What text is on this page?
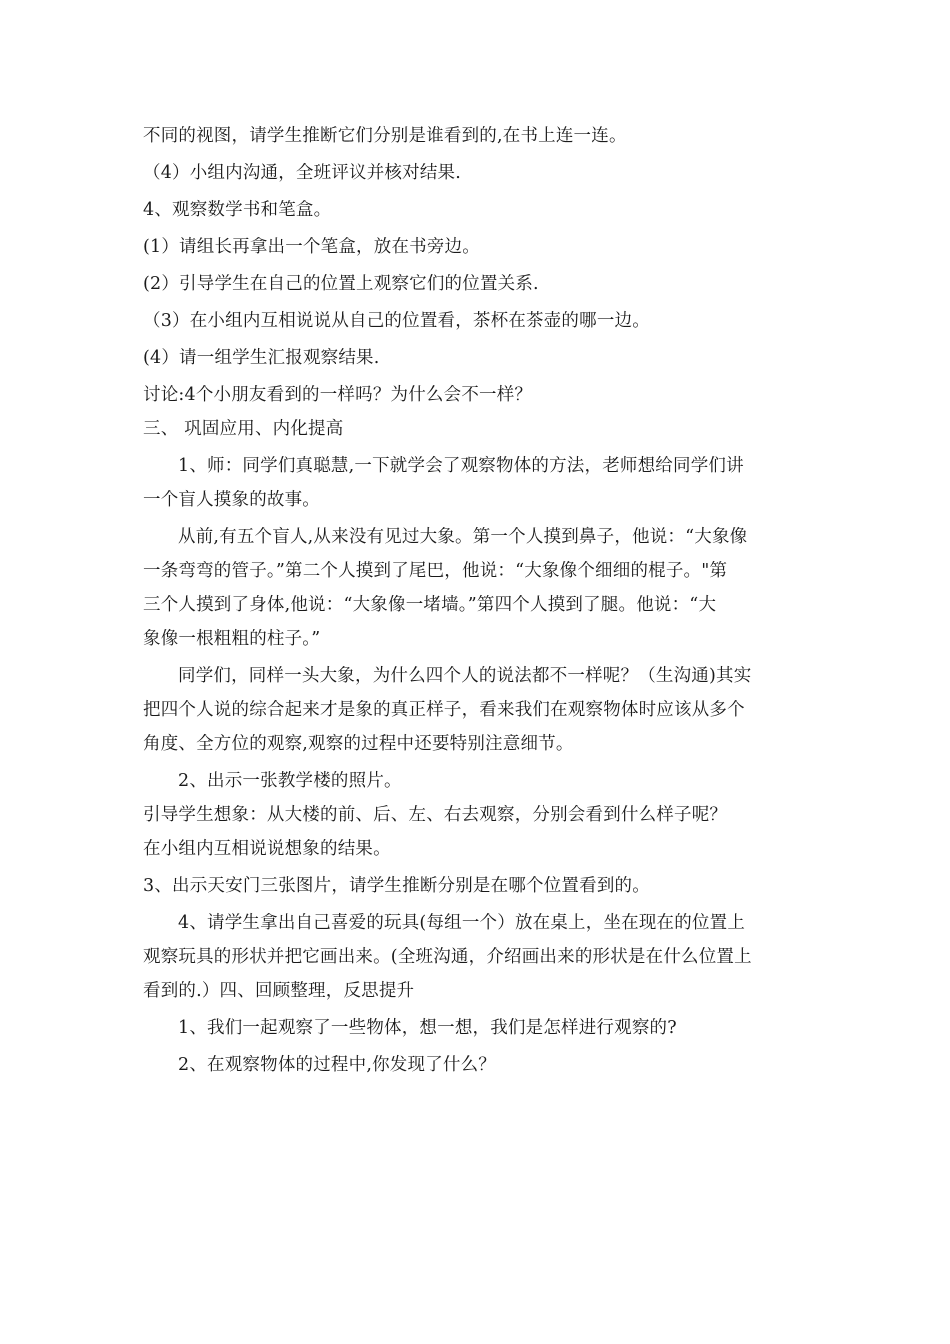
不同的视图，请学生推断它们分别是谁看到的,在书上连一连。
（4）小组内沟通，全班评议并核对结果.
4、观察数学书和笔盒。
(1）请组长再拿出一个笔盒，放在书旁边。
(2）引导学生在自己的位置上观察它们的位置关系.
（3）在小组内互相说说从自己的位置看，茶杯在茶壶的哪一边。
(4）请一组学生汇报观察结果.
讨论:4个小朋友看到的一样吗？为什么会不一样？
三、 巩固应用、内化提高
1、师：同学们真聪慧,一下就学会了观察物体的方法，老师想给同学们讲
一个盲人摸象的故事。
从前,有五个盲人,从来没有见过大象。第一个人摸到鼻子，他说：“大象像
一条弯弯的管子。”第二个人摸到了尾巴，他说：“大象像个细细的棍子。"第
三个人摸到了身体,他说：“大象像一堵墙。”第四个人摸到了腿。他说：“大
象像一根粗粗的柱子。”
同学们，同样一头大象，为什么四个人的说法都不一样呢？（生沟通)其实
把四个人说的综合起来才是象的真正样子，看来我们在观察物体时应该从多个
角度、全方位的观察,观察的过程中还要特别注意细节。
2、出示一张教学楼的照片。
引导学生想象：从大楼的前、后、左、右去观察，分别会看到什么样子呢？
在小组内互相说说想象的结果。
3、出示天安门三张图片，请学生推断分别是在哪个位置看到的。
4、请学生拿出自己喜爱的玩具(每组一个）放在桌上，坐在现在的位置上
观察玩具的形状并把它画出来。(全班沟通，介绍画出来的形状是在什么位置上
看到的.）四、回顾整理，反思提升
1、我们一起观察了一些物体，想一想，我们是怎样进行观察的?
2、在观察物体的过程中,你发现了什么？
